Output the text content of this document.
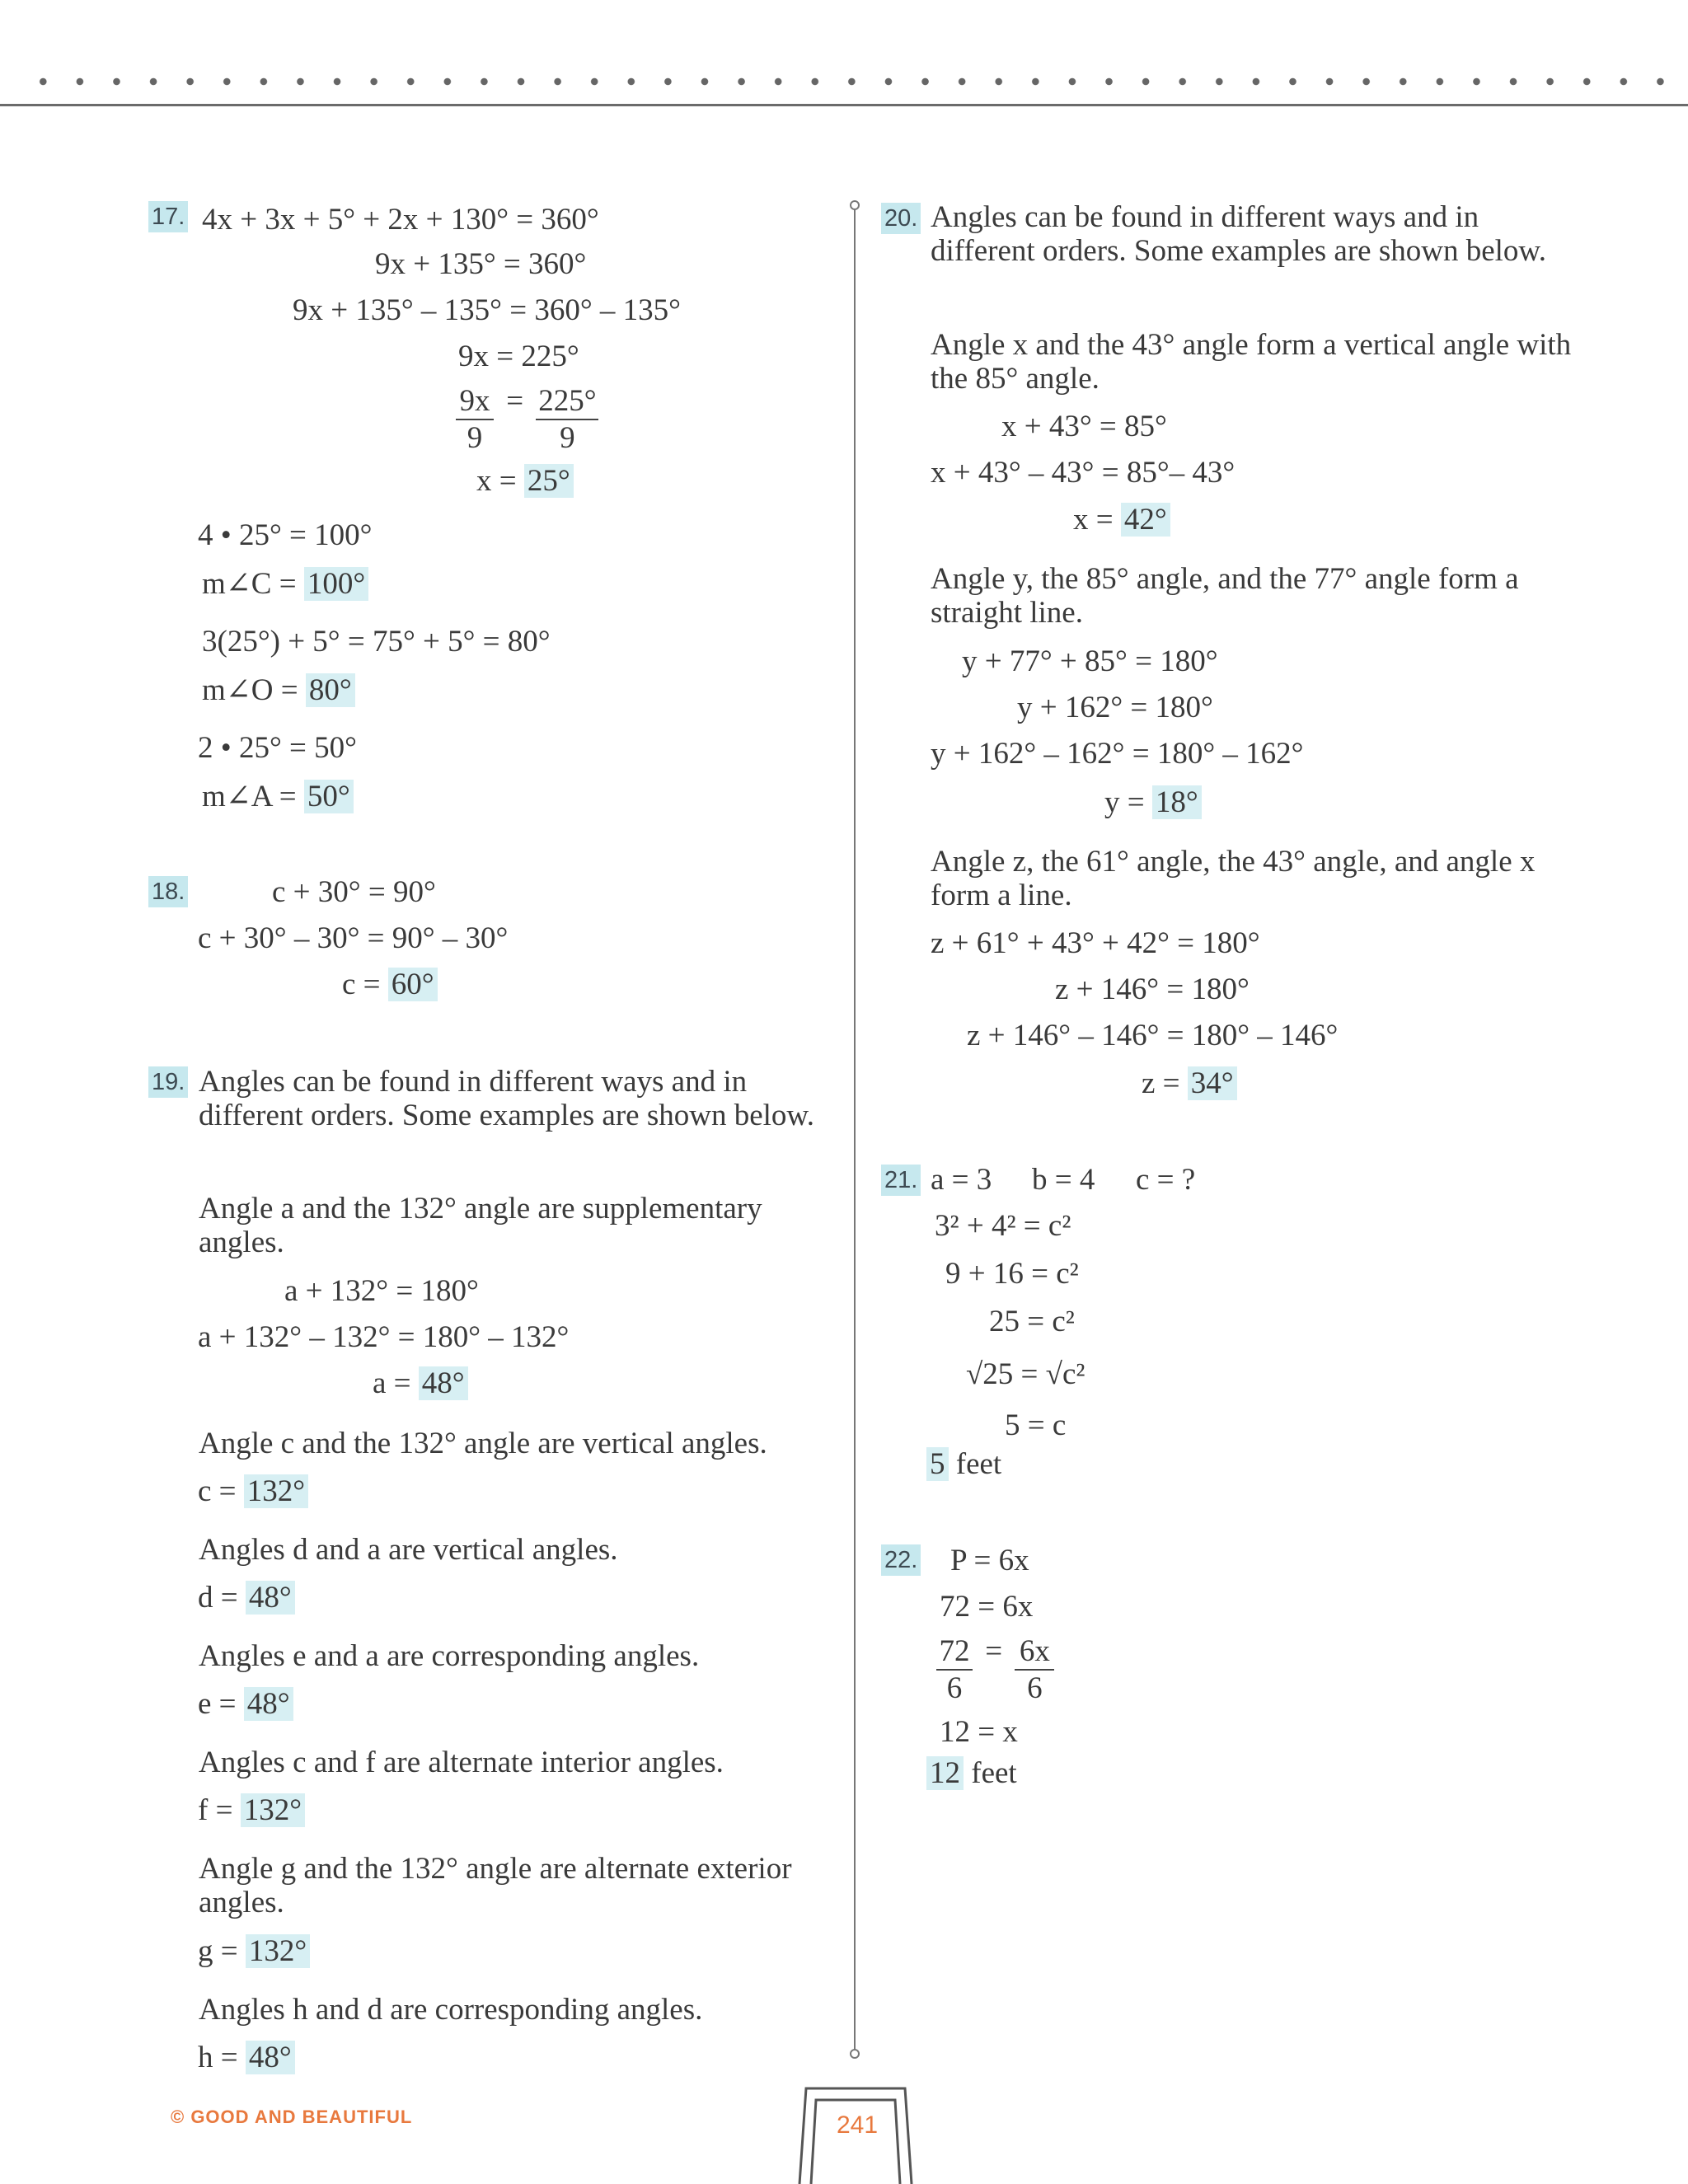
17. 4x + 3x + 5° + 2x + 130° = 360°
9x + 135° = 360°
9x + 135° – 135° = 360° – 135°
9x = 225°
$\frac{9x}{9} = \frac{225^\circ}{9}$
x = 25°
4 • 25° = 100°
m∠C = 100°
3(25°) + 5° = 75° + 5° = 80°
m∠O = 80°
2 • 25° = 50°
m∠A = 50°
18.	c + 30° = 90°
c + 30° – 30° = 90° – 30°
c = 60°
19. Angles can be found in different ways and in different orders. Some examples are shown below.
Angle a and the 132° angle are supplementary angles.
a + 132° = 180°
a + 132° – 132° = 180° – 132°
a = 48°
Angle c and the 132° angle are vertical angles.
c = 132°
Angles d and a are vertical angles.
d = 48°
Angles e and a are corresponding angles.
e = 48°
Angles c and f are alternate interior angles.
f = 132°
Angle g and the 132° angle are alternate exterior angles.
g = 132°
Angles h and d are corresponding angles.
h = 48°
20. Angles can be found in different ways and in different orders. Some examples are shown below.
Angle x and the 43° angle form a vertical angle with the 85° angle.
x + 43° = 85°
x + 43° – 43° = 85°– 43°
x = 42°
Angle y, the 85° angle, and the 77° angle form a straight line.
y + 77° + 85° = 180°
y + 162° = 180°
y + 162° – 162° = 180° – 162°
y = 18°
Angle z, the 61° angle, the 43° angle, and angle x form a line.
z + 61° + 43° + 42° = 180°
z + 146° = 180°
z + 146° – 146° = 180° – 146°
z = 34°
21. a = 3 b = 4 c = ?
3² + 4² = c²
9 + 16 = c²
25 = c²
√25 = √c²
5 = c
5 feet
22. P = 6x
72 = 6x
$\frac{72}{6} = \frac{6x}{6}$
12 = x
12 feet
© GOOD AND BEAUTIFUL	241
